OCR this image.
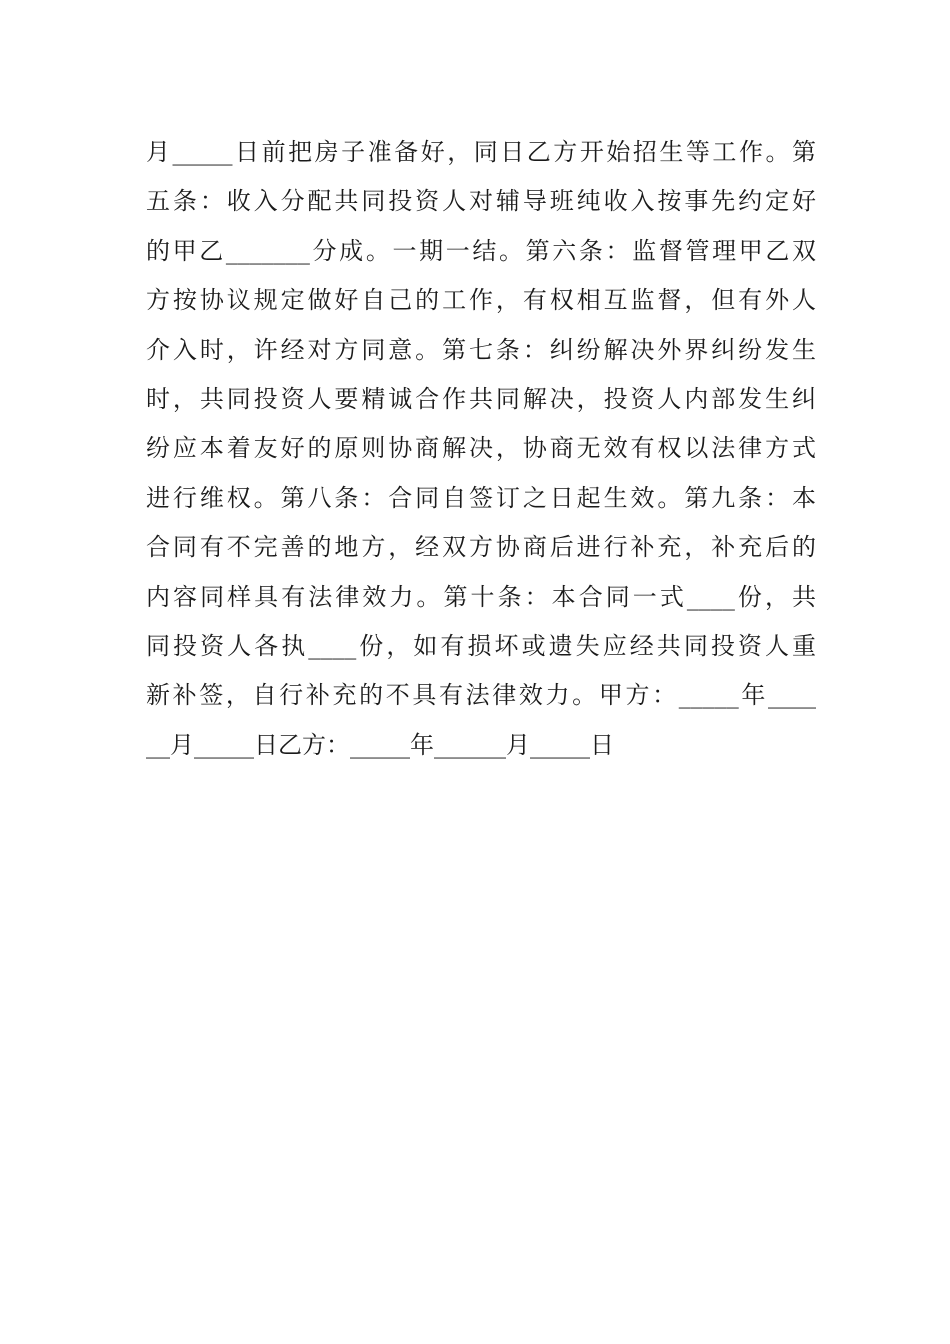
月_____日前把房子准备好，同日乙方开始招生等工作。第
五条：收入分配共同投资人对辅导班纯收入按事先约定好
的甲乙_______分成。一期一结。第六条：监督管理甲乙双
方按协议规定做好自己的工作，有权相互监督，但有外人
介入时，许经对方同意。第七条：纠纷解决外界纠纷发生
时，共同投资人要精诚合作共同解决，投资人内部发生纠
纷应本着友好的原则协商解决，协商无效有权以法律方式
进行维权。第八条：合同自签订之日起生效。第九条：本
合同有不完善的地方，经双方协商后进行补充，补充后的
内容同样具有法律效力。第十条：本合同一式____份，共
同投资人各执____份，如有损坏或遗失应经共同投资人重
新补签，自行补充的不具有法律效力。甲方：_____年____
__月_____日乙方：_____年______月_____日
